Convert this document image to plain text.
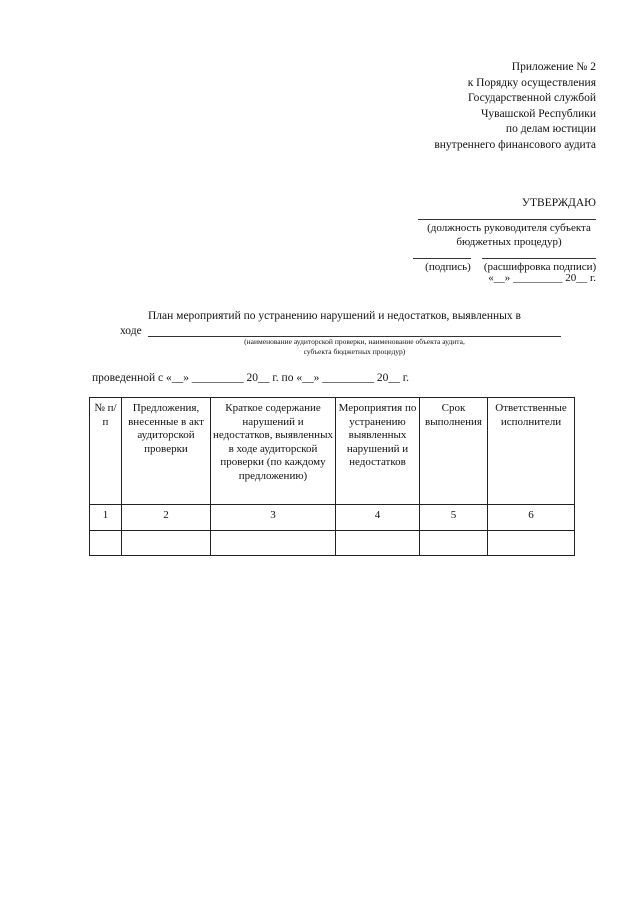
Приложение № 2
к Порядку осуществления
Государственной службой
Чувашской Республики
по делам юстиции
внутреннего финансового аудита
УТВЕРЖДАЮ
(должность руководителя субъекта бюджетных процедур)
(подпись)	(расшифровка подписи)
«__» _________ 20__ г.
План мероприятий по устранению нарушений и недостатков, выявленных в
ходе
(наименование аудиторской проверки, наименование объекта аудита,
субъекта бюджетных процедур)
проведенной с «__» _________ 20__ г. по «__» _________ 20__ г.
№ п/п	Предложения, внесенные в акт аудиторской проверки	Краткое содержание нарушений и недостатков, выявленных в ходе аудиторской проверки (по каждому предложению)	Мероприятия по устранению выявленных нарушений и недостатков	Срок выполнения	Ответственные исполнители
1	2	3	4	5	6
